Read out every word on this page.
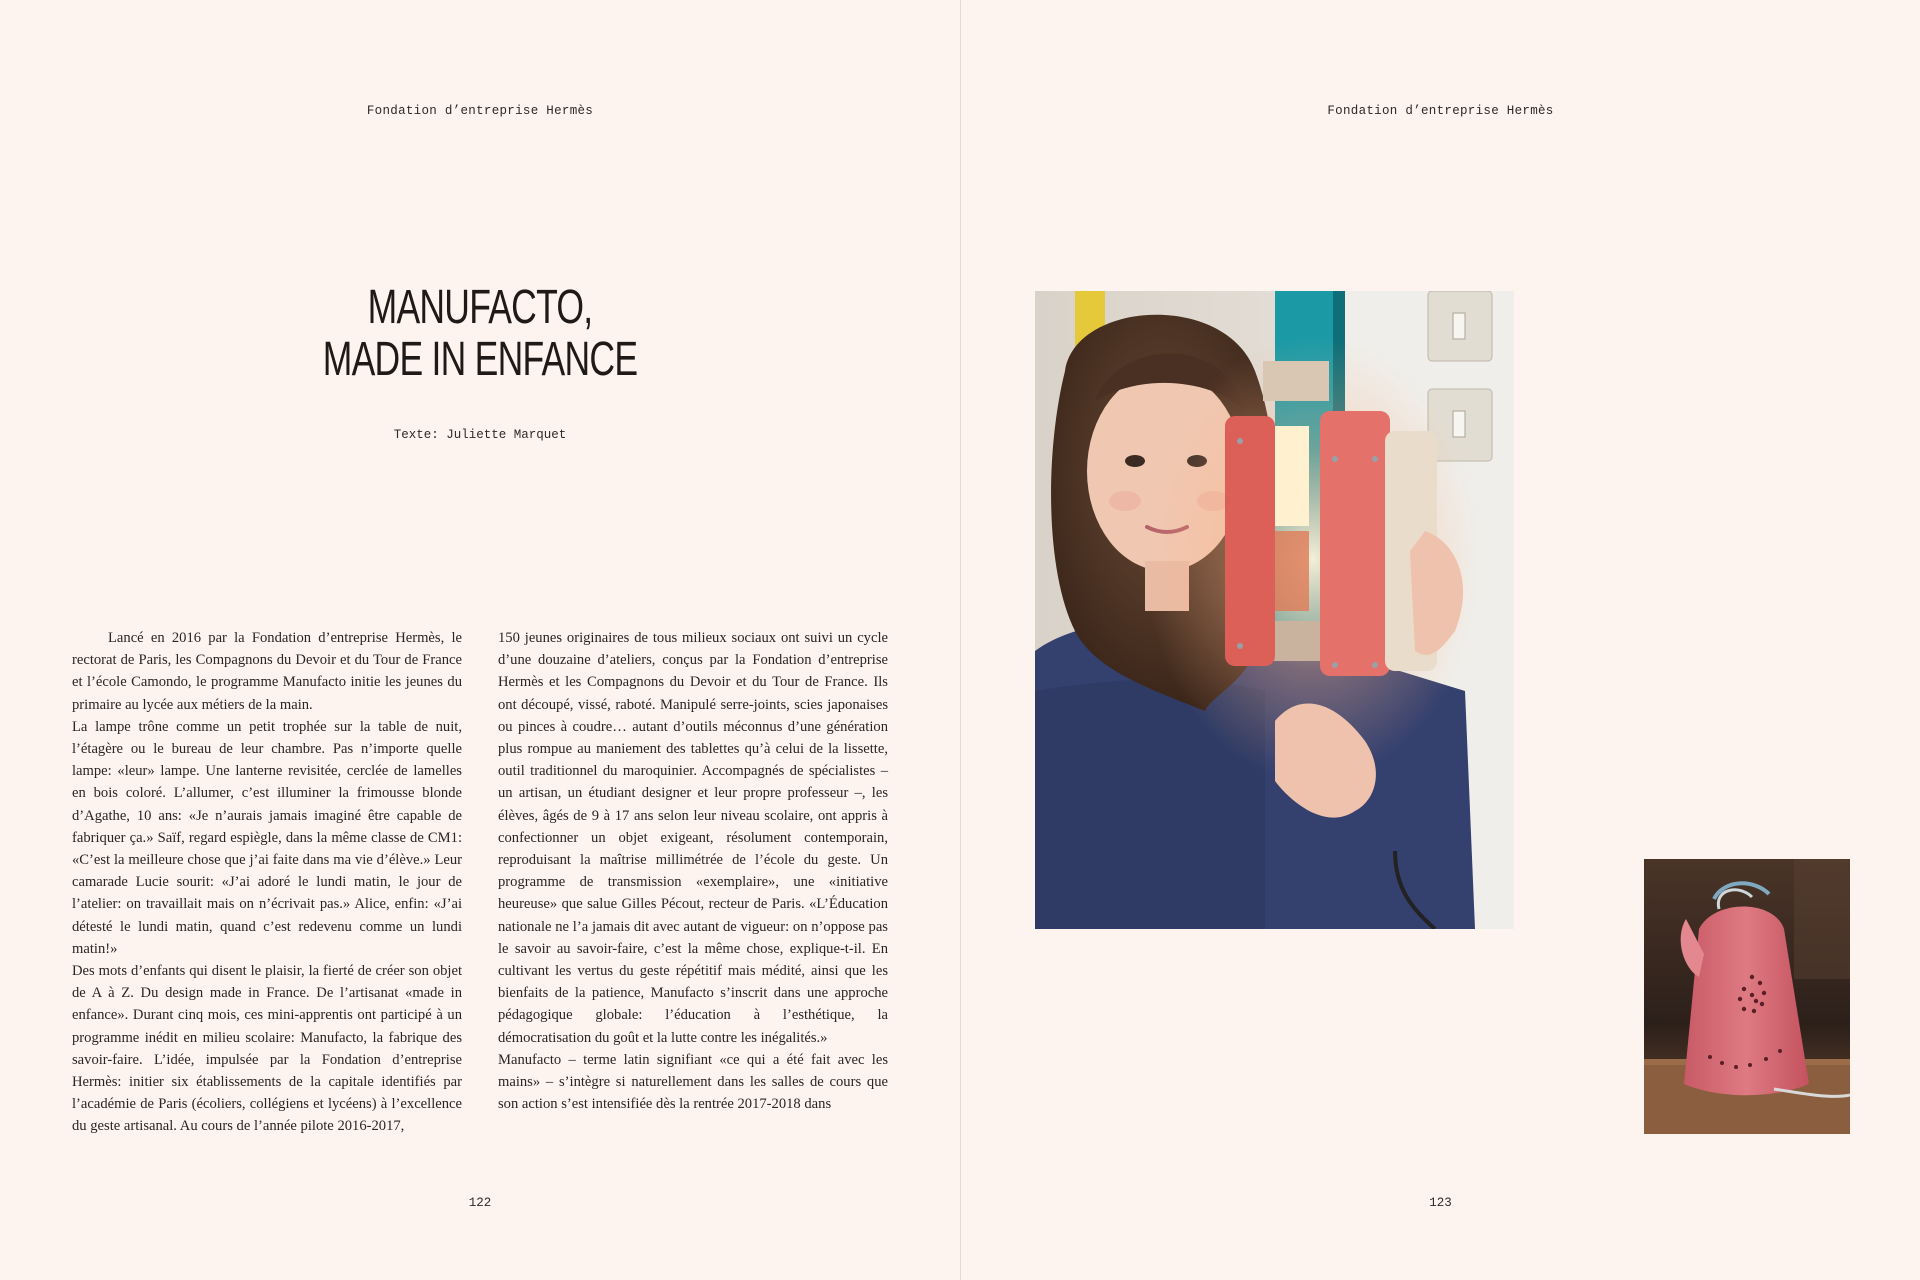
Fondation d’entreprise Hermès
MANUFACTO,
MADE IN ENFANCE
Texte: Juliette Marquet

Lancé en 2016 par la Fondation d’entreprise Hermès, le rectorat de Paris, les Compagnons du Devoir et du Tour de France et l’école Camondo, le programme Manufacto initie les jeunes du primaire au lycée aux métiers de la main.

La lampe trône comme un petit trophée sur la table de nuit, l’étagère ou le bureau de leur chambre. Pas n’importe quelle lampe: «leur» lampe. Une lanterne revisitée, cerclée de lamelles en bois coloré. L’allumer, c’est illuminer la frimousse blonde d’Agathe, 10 ans: «Je n’aurais jamais imaginé être capable de fabriquer ça.» Saïf, regard espiègle, dans la même classe de CM1: «C’est la meilleure chose que j’ai faite dans ma vie d’élève.» Leur camarade Lucie sourit: «J’ai adoré le lundi matin, le jour de l’atelier: on travaillait mais on n’écrivait pas.» Alice, enfin: «J’ai détesté le lundi matin, quand c’est redevenu comme un lundi matin!»

Des mots d’enfants qui disent le plaisir, la fierté de créer son objet de A à Z. Du design made in France. De l’artisanat «made in enfance». Durant cinq mois, ces mini-apprentis ont participé à un programme inédit en milieu scolaire: Manufacto, la fabrique des savoir-faire. L’idée, impulsée par la Fondation d’entreprise Hermès: initier six établissements de la capitale identifiés par l’académie de Paris (écoliers, collégiens et lycéens) à l’excellence du geste artisanal. Au cours de l’année pilote 2016-2017,

150 jeunes originaires de tous milieux sociaux ont suivi un cycle d’une douzaine d’ateliers, conçus par la Fondation d’entreprise Hermès et les Compagnons du Devoir et du Tour de France. Ils ont découpé, vissé, raboté. Manipulé serre-joints, scies japonaises ou pinces à coudre… autant d’outils méconnus d’une génération plus rompue au maniement des tablettes qu’à celui de la lissette, outil traditionnel du maroquinier. Accompagnés de spécialistes – un artisan, un étudiant designer et leur propre professeur –, les élèves, âgés de 9 à 17 ans selon leur niveau scolaire, ont appris à confectionner un objet exigeant, résolument contemporain, reproduisant la maîtrise millimétrée de l’école du geste. Un programme de transmission «exemplaire», une «initiative heureuse» que salue Gilles Pécout, recteur de Paris. «L’Éducation nationale ne l’a jamais dit avec autant de vigueur: on n’oppose pas le savoir au savoir-faire, c’est la même chose, explique-t-il. En cultivant les vertus du geste répétitif mais médité, ainsi que les bienfaits de la patience, Manufacto s’inscrit dans une approche pédagogique globale: l’éducation à l’esthétique, la démocratisation du goût et la lutte contre les inégalités.»

Manufacto – terme latin signifiant «ce qui a été fait avec les mains» – s’intègre si naturellement dans les salles de cours que son action s’est intensifiée dès la rentrée 2017-2018 dans

122
Fondation d’entreprise Hermès
123
